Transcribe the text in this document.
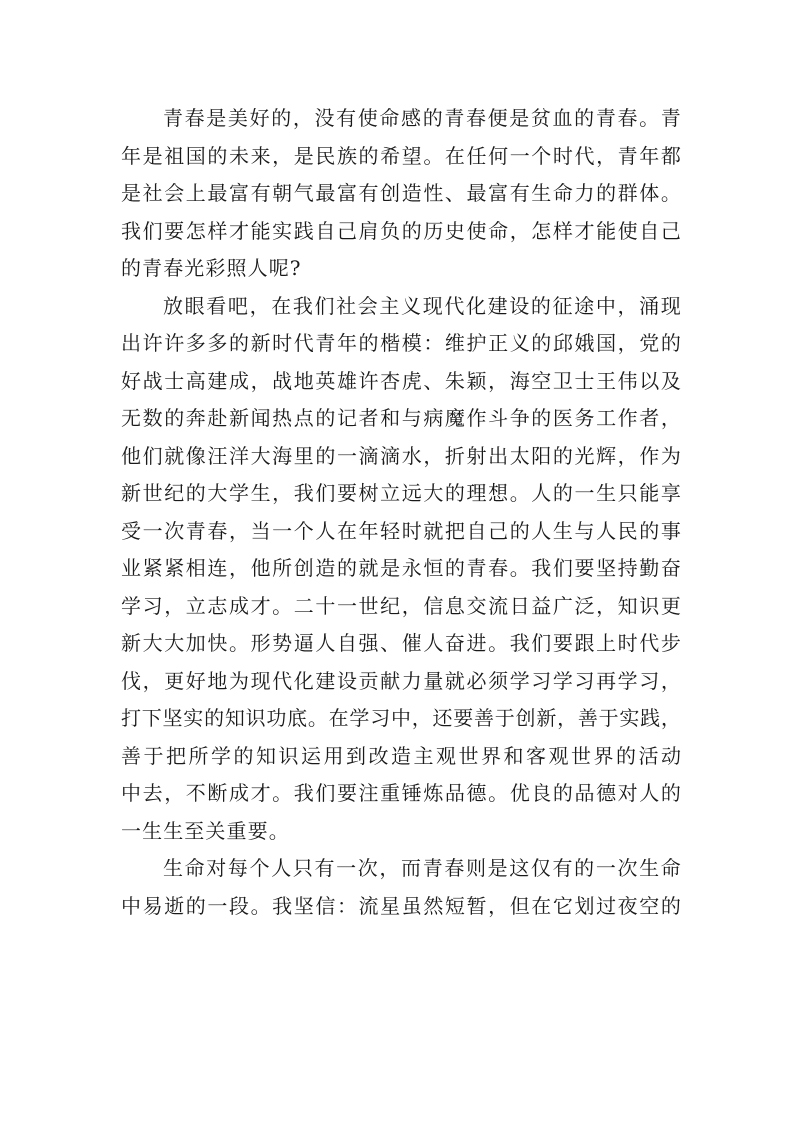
青 春 是 美 好 的 ， 没 有 使 命 感 的 青 春 便 是 贫 血 的 青 春 。 青
年 是 祖 国 的 未 来 ， 是 民 族 的 希 望 。 在 任 何 一 个 时 代 ， 青 年 都
是 社 会 上 最 富 有 朝 气 最 富 有 创 造 性 、 最 富 有 生 命 力 的 群 体 。
我 们 要 怎 样 才 能 实 践 自 己 肩 负 的 历 史 使 命 ， 怎 样 才 能 使 自 己
的青春光彩照人呢?
放 眼 看 吧 ， 在 我 们 社 会 主 义 现 代 化 建 设 的 征 途 中 ， 涌 现
出 许 许 多 多 的 新 时 代 青 年 的 楷 模 ： 维 护 正 义 的 邱 娥 国 ， 党 的
好 战 士 高 建 成 ， 战 地 英 雄 许 杏 虎 、 朱 颖 ， 海 空 卫 士 王 伟 以 及
无 数 的 奔 赴 新 闻 热 点 的 记 者 和 与 病 魔 作 斗 争 的 医 务 工 作 者 ，
他 们 就 像 汪 洋 大 海 里 的 一 滴 滴 水 ， 折 射 出 太 阳 的 光 辉 ， 作 为
新 世 纪 的 大 学 生 ， 我 们 要 树 立 远 大 的 理 想 。 人 的 一 生 只 能 享
受 一 次 青 春 ， 当 一 个 人 在 年 轻 时 就 把 自 己 的 人 生 与 人 民 的 事
业 紧 紧 相 连 ， 他 所 创 造 的 就 是 永 恒 的 青 春 。 我 们 要 坚 持 勤 奋
学 习 ， 立 志 成 才 。 二 十 一 世 纪 ， 信 息 交 流 日 益 广 泛 ， 知 识 更
新 大 大 加 快 。 形 势 逼 人 自 强 、 催 人 奋 进 。 我 们 要 跟 上 时 代 步
伐 ， 更 好 地 为 现 代 化 建 设 贡 献 力 量 就 必 须 学 习 学 习 再 学 习 ，
打 下 坚 实 的 知 识 功 底 。 在 学 习 中 ， 还 要 善 于 创 新 ， 善 于 实 践 ，
善 于 把 所 学 的 知 识 运 用 到 改 造 主 观 世 界 和 客 观 世 界 的 活 动
中 去 ， 不 断 成 才 。 我 们 要 注 重 锤 炼 品 德 。 优 良 的 品 德 对 人 的
一生生至关重要。
生 命 对 每 个 人 只 有 一 次 ， 而 青 春 则 是 这 仅 有 的 一 次 生 命
中 易 逝 的 一 段 。 我 坚 信 ： 流 星 虽 然 短 暂 ， 但 在 它 划 过 夜 空 的
